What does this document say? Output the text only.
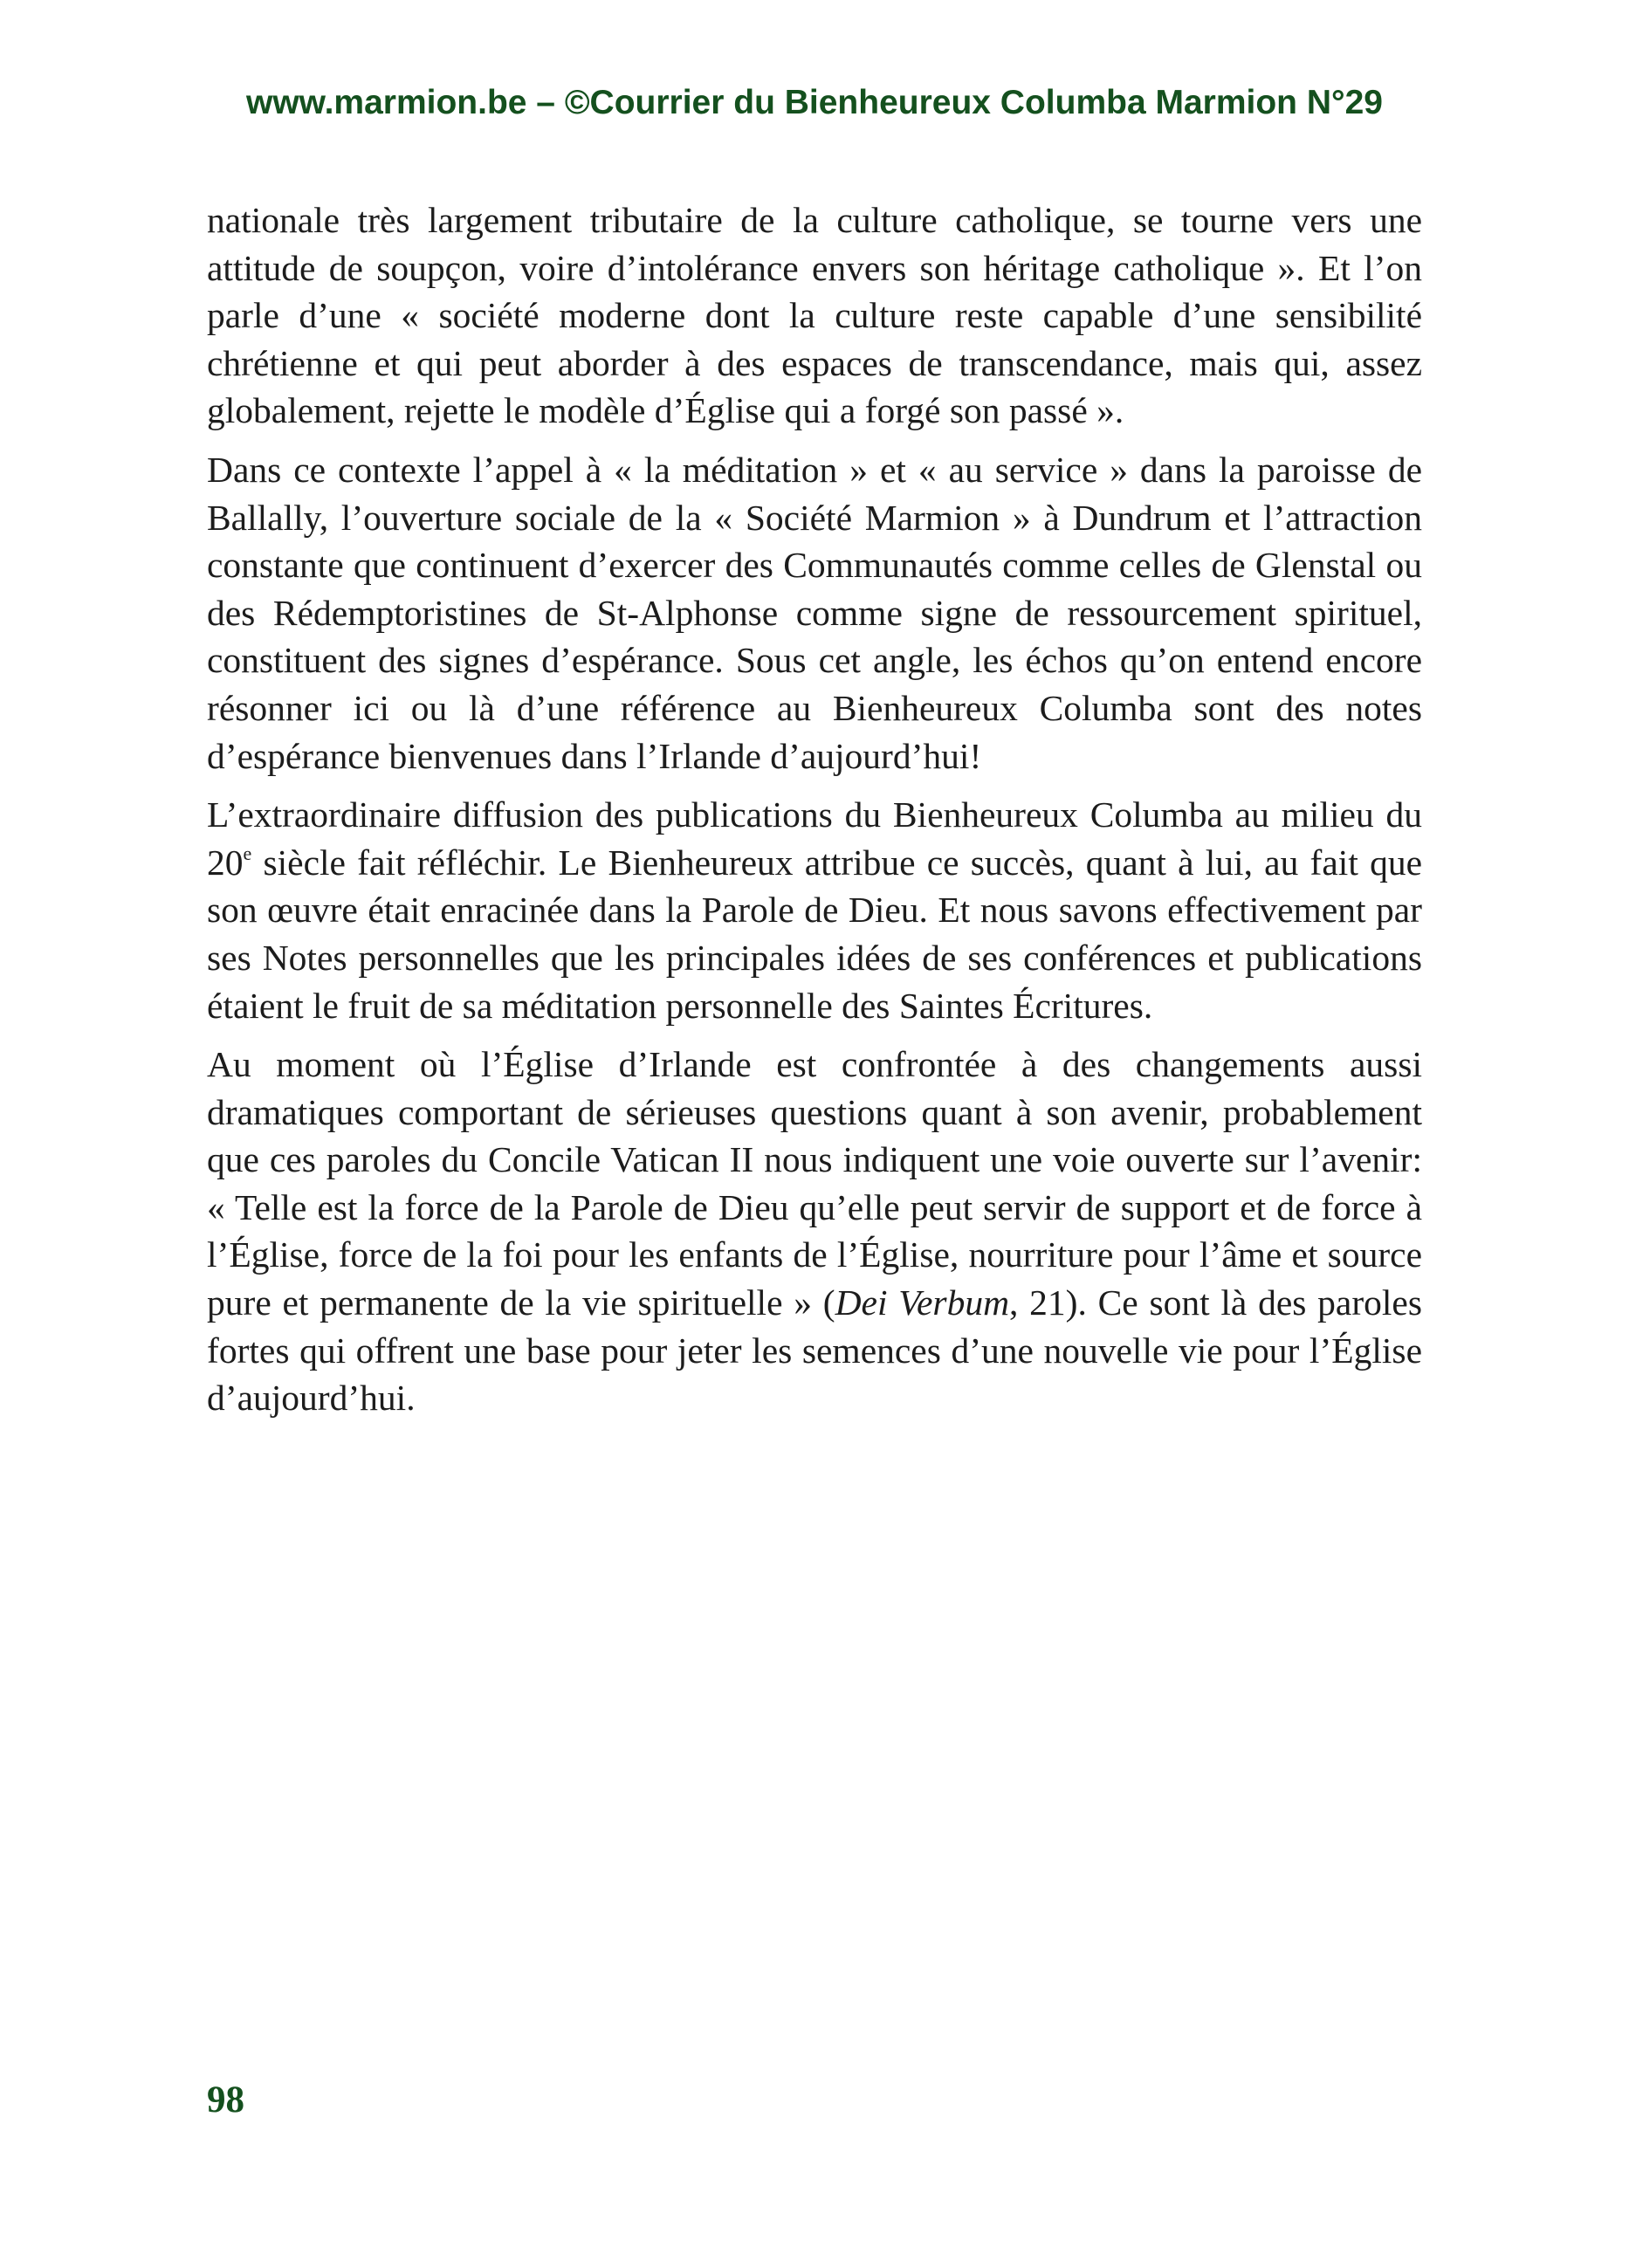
www.marmion.be – ©Courrier du Bienheureux Columba Marmion N°29

nationale très largement tributaire de la culture catholique, se tourne vers une attitude de soupçon, voire d’intolérance envers son héritage catholique ». Et l’on parle d’une « société moderne dont la culture reste capable d’une sensibilité chrétienne et qui peut aborder à des espaces de transcendance, mais qui, assez globalement, rejette le modèle d’Église qui a forgé son passé ».

Dans ce contexte l’appel à « la méditation » et « au service » dans la paroisse de Ballally, l’ouverture sociale de la « Société Marmion » à Dundrum et l’attraction constante que continuent d’exercer des Communautés comme celles de Glenstal ou des Rédemptoristines de St-Alphonse comme signe de ressourcement spirituel, constituent des signes d’espérance. Sous cet angle, les échos qu’on entend encore résonner ici ou là d’une référence au Bienheureux Columba sont des notes d’espérance bienvenues dans l’Irlande d’aujourd’hui!

L’extraordinaire diffusion des publications du Bienheureux Columba au milieu du 20e siècle fait réfléchir. Le Bienheureux attribue ce succès, quant à lui, au fait que son œuvre était enracinée dans la Parole de Dieu. Et nous savons effectivement par ses Notes personnelles que les principales idées de ses conférences et publications étaient le fruit de sa méditation personnelle des Saintes Écritures.

Au moment où l’Église d’Irlande est confrontée à des changements aussi dramatiques comportant de sérieuses questions quant à son avenir, probablement que ces paroles du Concile Vatican II nous indiquent une voie ouverte sur l’avenir: « Telle est la force de la Parole de Dieu qu’elle peut servir de support et de force à l’Église, force de la foi pour les enfants de l’Église, nourriture pour l’âme et source pure et permanente de la vie spirituelle » (Dei Verbum, 21). Ce sont là des paroles fortes qui offrent une base pour jeter les semences d’une nouvelle vie pour l’Église d’aujourd’hui.

98
